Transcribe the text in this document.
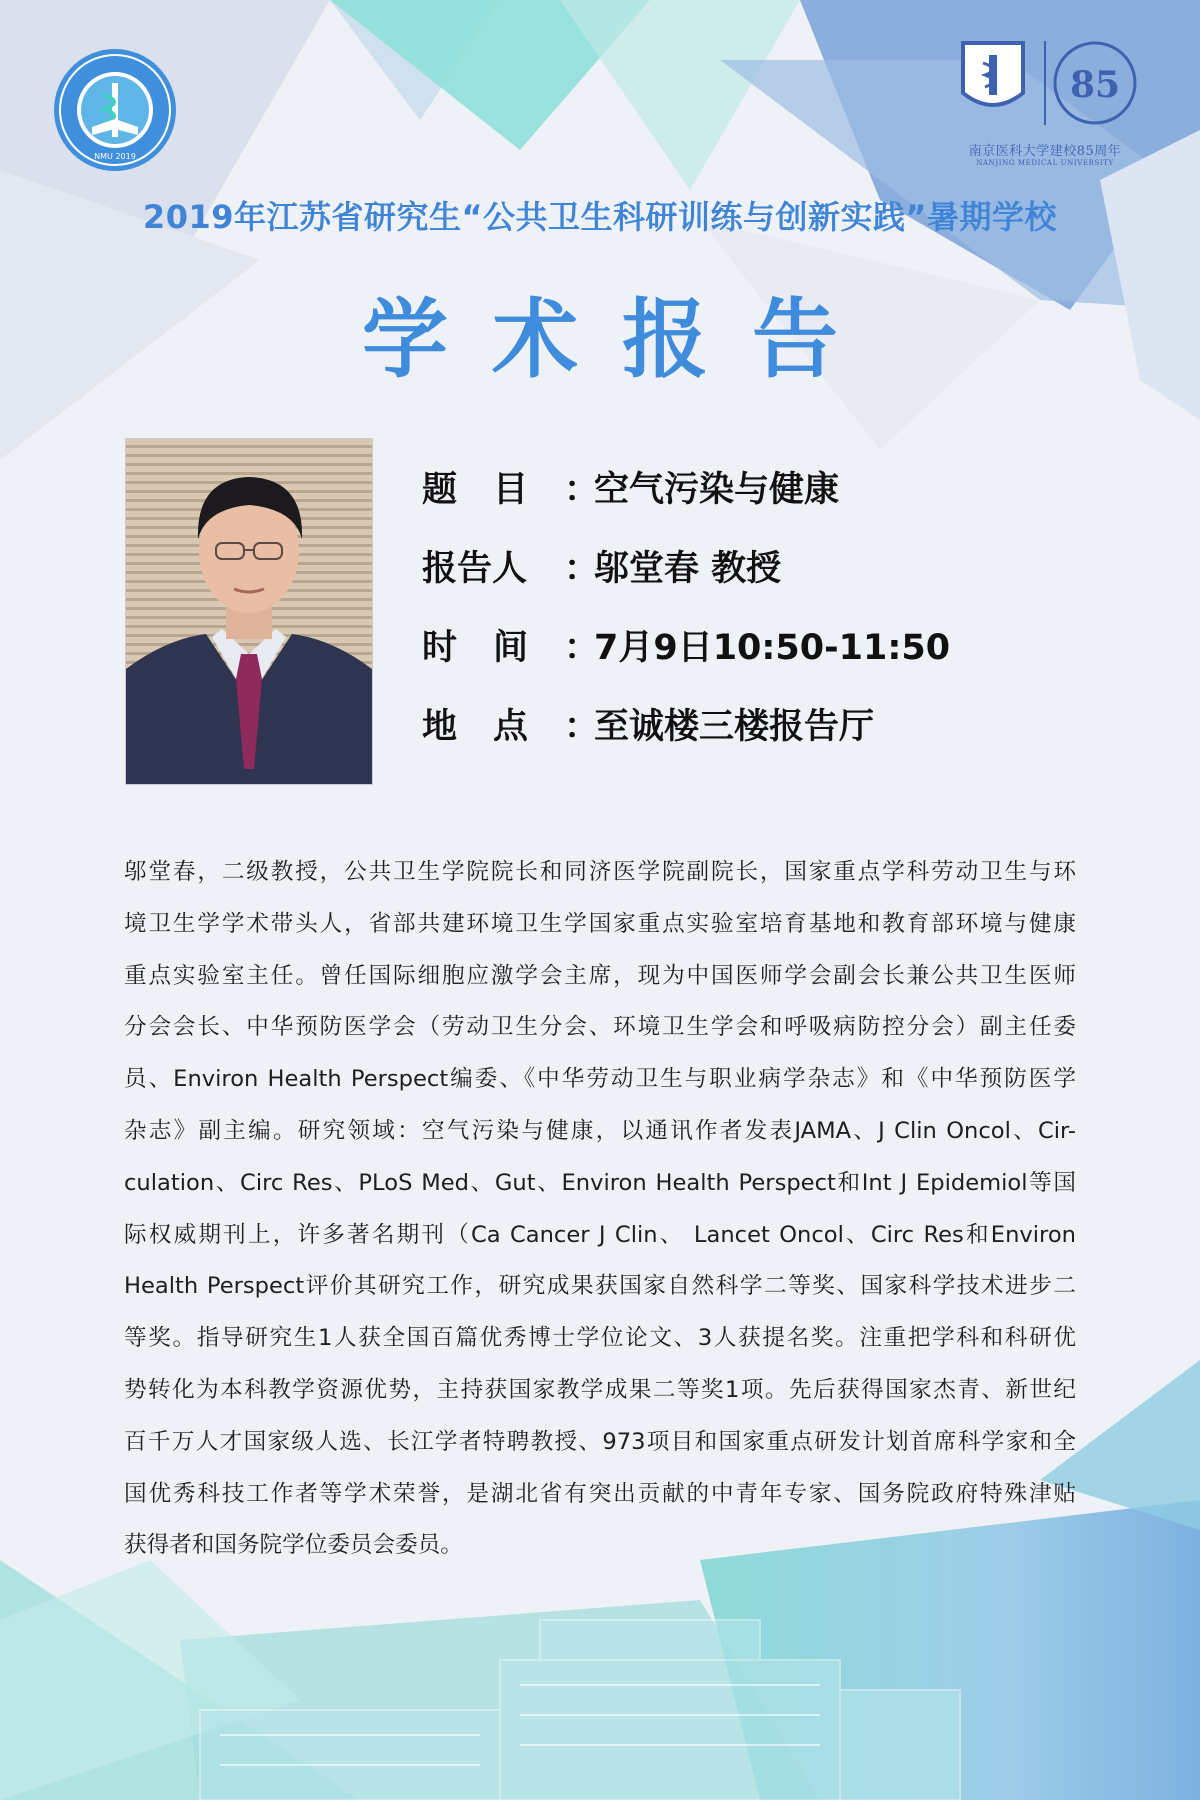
NMU 2019
85
南京医科大学建校85周年
NANJING MEDICAL UNIVERSITY
2019年江苏省研究生“公共卫生科研训练与创新实践”暑期学校
学术报告
题目：空气污染与健康
报告人 ：邬堂春 教授
时间：7月9日10:50-11:50
地点：至诚楼三楼报告厅
邬堂春，二级教授，公共卫生学院院长和同济医学院副院长，国家重点学科劳动卫生与环
境卫生学学术带头人，省部共建环境卫生学国家重点实验室培育基地和教育部环境与健康
重点实验室主任。曾任国际细胞应激学会主席，现为中国医师学会副会长兼公共卫生医师
分会会长、中华预防医学会（劳动卫生分会、环境卫生学会和呼吸病防控分会）副主任委
员、Environ Health Perspect编委、《中华劳动卫生与职业病学杂志》和《中华预防医学
杂志》副主编。研究领域：空气污染与健康，以通讯作者发表JAMA、J Clin Oncol、Cir-
culation、Circ Res、PLoS Med、Gut、Environ Health Perspect和Int J Epidemiol等国
际权威期刊上，许多著名期刊（Ca Cancer J Clin、 Lancet Oncol、Circ Res和Environ
Health Perspect评价其研究工作，研究成果获国家自然科学二等奖、国家科学技术进步二
等奖。指导研究生1人获全国百篇优秀博士学位论文、3人获提名奖。注重把学科和科研优
势转化为本科教学资源优势，主持获国家教学成果二等奖1项。先后获得国家杰青、新世纪
百千万人才国家级人选、长江学者特聘教授、973项目和国家重点研发计划首席科学家和全
国优秀科技工作者等学术荣誉，是湖北省有突出贡献的中青年专家、国务院政府特殊津贴
获得者和国务院学位委员会委员。
